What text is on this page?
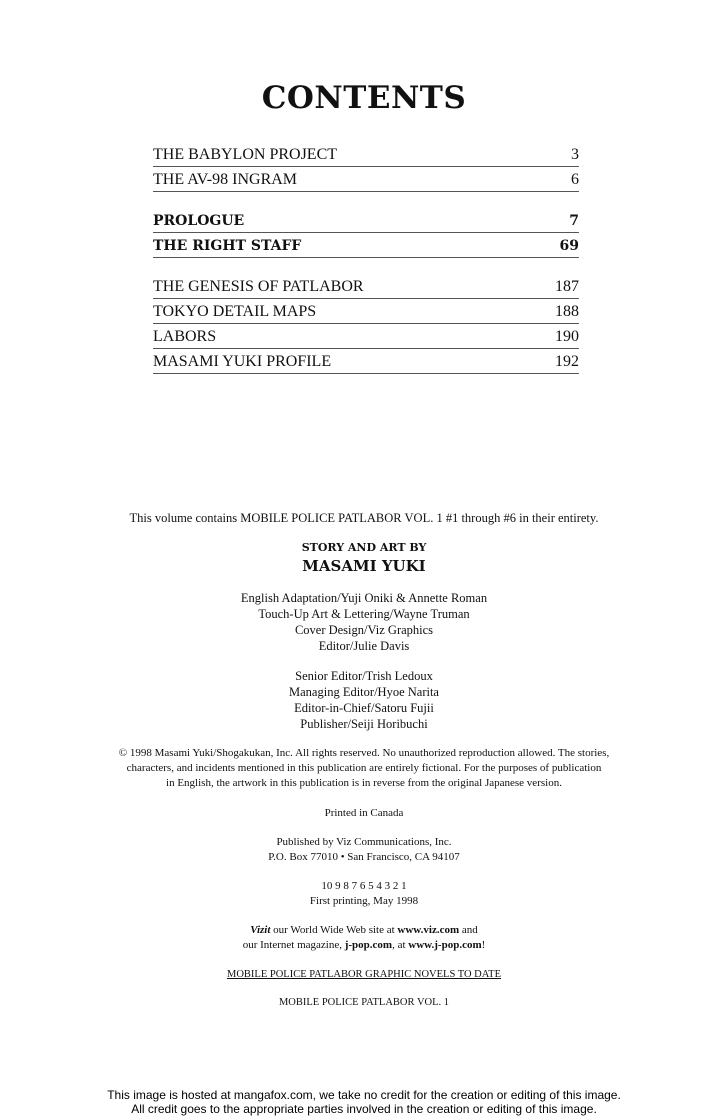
CONTENTS
THE BABYLON PROJECT	3
THE AV-98 INGRAM	6
PROLOGUE	7
THE RIGHT STAFF	69
THE GENESIS OF PATLABOR	187
TOKYO DETAIL MAPS	188
LABORS	190
MASAMI YUKI PROFILE	192
This volume contains MOBILE POLICE PATLABOR VOL. 1 #1 through #6 in their entirety.
STORY AND ART BY
MASAMI YUKI
English Adaptation/Yuji Oniki & Annette Roman
Touch-Up Art & Lettering/Wayne Truman
Cover Design/Viz Graphics
Editor/Julie Davis
Senior Editor/Trish Ledoux
Managing Editor/Hyoe Narita
Editor-in-Chief/Satoru Fujii
Publisher/Seiji Horibuchi
© 1998 Masami Yuki/Shogakukan, Inc. All rights reserved. No unauthorized reproduction allowed. The stories,
characters, and incidents mentioned in this publication are entirely fictional. For the purposes of publication
in English, the artwork in this publication is in reverse from the original Japanese version.
Printed in Canada
Published by Viz Communications, Inc.
P.O. Box 77010 • San Francisco, CA 94107
10 9 8 7 6 5 4 3 2 1
First printing, May 1998
Vizit our World Wide Web site at www.viz.com and
our Internet magazine, j-pop.com, at www.j-pop.com!
MOBILE POLICE PATLABOR GRAPHIC NOVELS TO DATE
MOBILE POLICE PATLABOR VOL. 1
This image is hosted at mangafox.com, we take no credit for the creation or editing of this image.
All credit goes to the appropriate parties involved in the creation or editing of this image.
